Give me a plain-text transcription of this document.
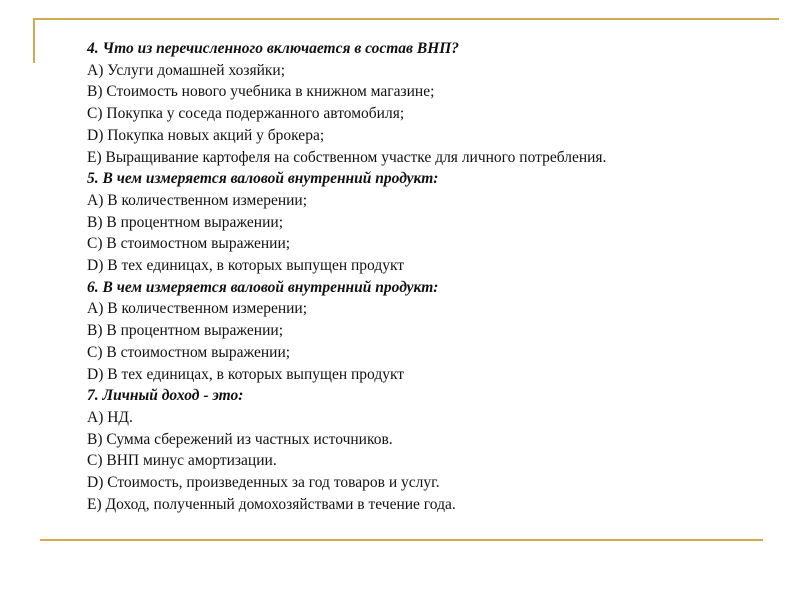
4. Что из перечисленного включается в состав ВНП?
А) Услуги домашней хозяйки;
В) Стоимость нового учебника в книжном магазине;
С) Покупка у соседа подержанного автомобиля;
D) Покупка новых акций у брокера;
Е) Выращивание картофеля на собственном участке для личного потребления.
5. В чем измеряется валовой внутренний продукт:
А) В количественном измерении;
В) В процентном выражении;
С) В стоимостном выражении;
D) В тех единицах, в которых выпущен продукт
6. В чем измеряется валовой внутренний продукт:
А) В количественном измерении;
В) В процентном выражении;
С) В стоимостном выражении;
D) В тех единицах, в которых выпущен продукт
7. Личный доход - это:
А) НД.
В) Сумма сбережений из частных источников.
С) ВНП минус амортизации.
D) Стоимость, произведенных за год товаров и услуг.
Е) Доход, полученный домохозяйствами в течение года.
